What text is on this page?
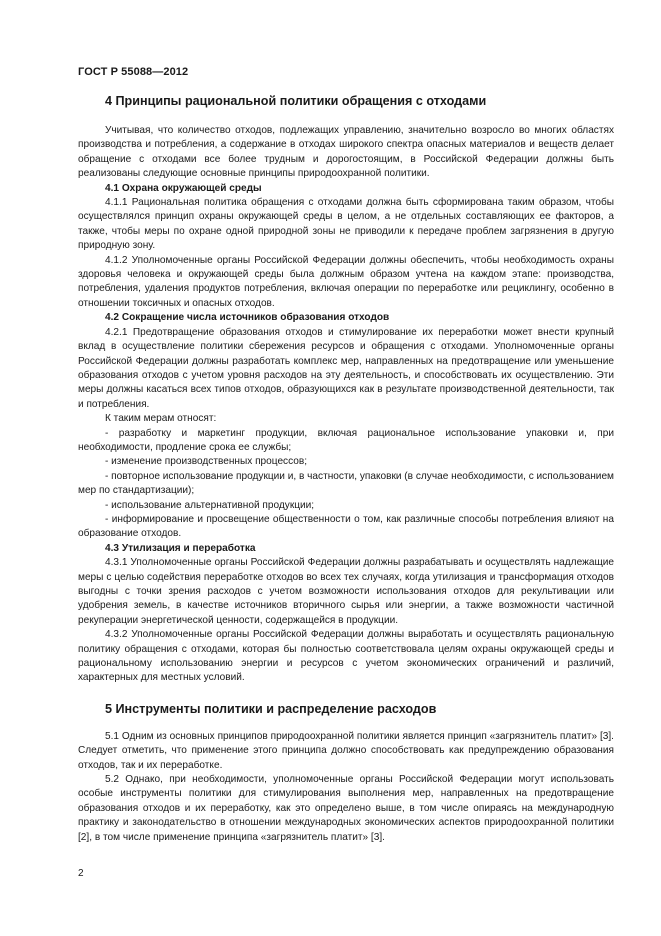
ГОСТ Р 55088—2012
4 Принципы рациональной политики обращения с отходами

Учитывая, что количество отходов, подлежащих управлению, значительно возросло во многих областях производства и потребления, а содержание в отходах широкого спектра опасных материалов и веществ делает обращение с отходами все более трудным и дорогостоящим, в Российской Федерации должны быть реализованы следующие основные принципы природоохранной политики.

4.1 Охрана окружающей среды

4.1.1 Рациональная политика обращения с отходами должна быть сформирована таким образом, чтобы осуществлялся принцип охраны окружающей среды в целом, а не отдельных составляющих ее факторов, а также, чтобы меры по охране одной природной зоны не приводили к передаче проблем загрязнения в другую природную зону.

4.1.2 Уполномоченные органы Российской Федерации должны обеспечить, чтобы необходимость охраны здоровья человека и окружающей среды была должным образом учтена на каждом этапе: производства, потребления, удаления продуктов потребления, включая операции по переработке или рециклингу, особенно в отношении токсичных и опасных отходов.

4.2 Сокращение числа источников образования отходов

4.2.1 Предотвращение образования отходов и стимулирование их переработки может внести крупный вклад в осуществление политики сбережения ресурсов и обращения с отходами. Уполномоченные органы Российской Федерации должны разработать комплекс мер, направленных на предотвращение или уменьшение образования отходов с учетом уровня расходов на эту деятельность, и способствовать их осуществлению. Эти меры должны касаться всех типов отходов, образующихся как в результате производственной деятельности, так и потребления.

К таким мерам относят:

- разработку и маркетинг продукции, включая рациональное использование упаковки и, при необходимости, продление срока ее службы;

- изменение производственных процессов;

- повторное использование продукции и, в частности, упаковки (в случае необходимости, с использованием мер по стандартизации);

- использование альтернативной продукции;

- информирование и просвещение общественности о том, как различные способы потребления влияют на образование отходов.

4.3 Утилизация и переработка

4.3.1 Уполномоченные органы Российской Федерации должны разрабатывать и осуществлять надлежащие меры с целью содействия переработке отходов во всех тех случаях, когда утилизация и трансформация отходов выгодны с точки зрения расходов с учетом возможности использования отходов для рекультивации или удобрения земель, в качестве источников вторичного сырья или энергии, а также возможности частичной рекуперации энергетической ценности, содержащейся в продукции.

4.3.2 Уполномоченные органы Российской Федерации должны выработать и осуществлять рациональную политику обращения с отходами, которая бы полностью соответствовала целям охраны окружающей среды и рациональному использованию энергии и ресурсов с учетом экономических ограничений и различий, характерных для местных условий.

5 Инструменты политики и распределение расходов

5.1 Одним из основных принципов природоохранной политики является принцип «загрязнитель платит» [3]. Следует отметить, что применение этого принципа должно способствовать как предупреждению образования отходов, так и их переработке.

5.2 Однако, при необходимости, уполномоченные органы Российской Федерации могут использовать особые инструменты политики для стимулирования выполнения мер, направленных на предотвращение образования отходов и их переработку, как это определено выше, в том числе опираясь на международную практику и законодательство в отношении международных экономических аспектов природоохранной политики [2], в том числе применение принципа «загрязнитель платит» [3].

2
